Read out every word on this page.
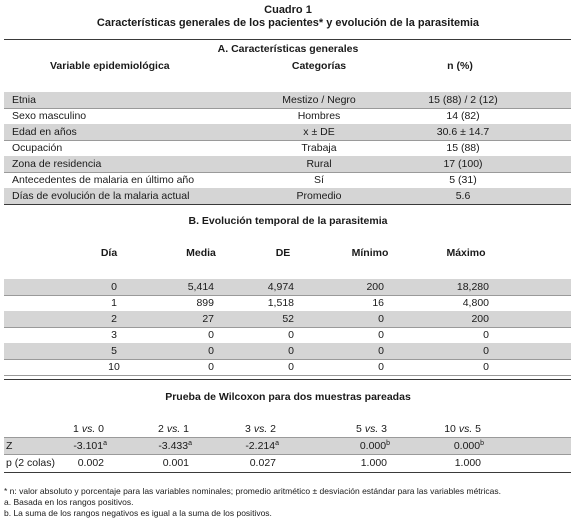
Cuadro 1
Características generales de los pacientes* y evolución de la parasitemia
A. Características generales
Variable epidemiológica	Categorías	n (%)
Etnia	Mestizo / Negro	15 (88) / 2 (12)
Sexo masculino	Hombres	14 (82)
Edad en años	x ± DE	30.6 ± 14.7
Ocupación	Trabaja	15 (88)
Zona de residencia	Rural	17 (100)
Antecedentes de malaria en último año	Sí	5 (31)
Días de evolución de la malaria actual	Promedio	5.6
B. Evolución temporal de la parasitemia
Día	Media	DE	Mínimo	Máximo
0	5,414	4,974	200	18,280
1	899	1,518	16	4,800
2	27	52	0	200
3	0	0	0	0
5	0	0	0	0
10	0	0	0	0
Prueba de Wilcoxon para dos muestras pareadas
1 vs. 0	2 vs. 1	3 vs. 2	5 vs. 3	10 vs. 5
Z	-3.101$^a$	-3.433$^a$	-2.214$^a$	0.000$^b$	0.000$^b$
p (2 colas) 0.002	0.001	0.027	1.000	1.000
* n: valor absoluto y porcentaje para las variables nominales; promedio aritmético ± desviación estándar para las variables métricas.
a. Basada en los rangos positivos.
b. La suma de los rangos negativos es igual a la suma de los positivos.
